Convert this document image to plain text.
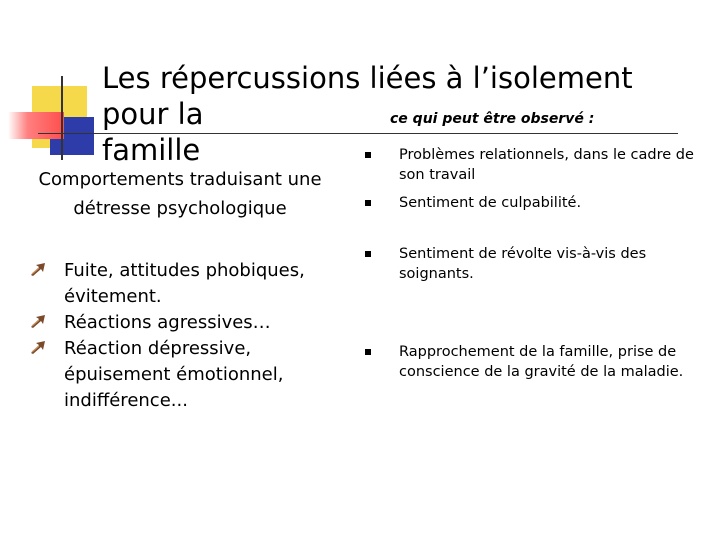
Les répercussions liées à l’isolement pour la
famille
ce qui peut être observé :
Comportements traduisant une détresse psychologique
Fuite, attitudes phobiques, évitement.
Réactions agressives…
Réaction dépressive, épuisement émotionnel, indifférence...
Problèmes relationnels, dans le cadre de son travail
Sentiment de culpabilité.
Sentiment de révolte vis-à-vis des soignants.
Rapprochement de la famille, prise de conscience de la gravité de la maladie.
